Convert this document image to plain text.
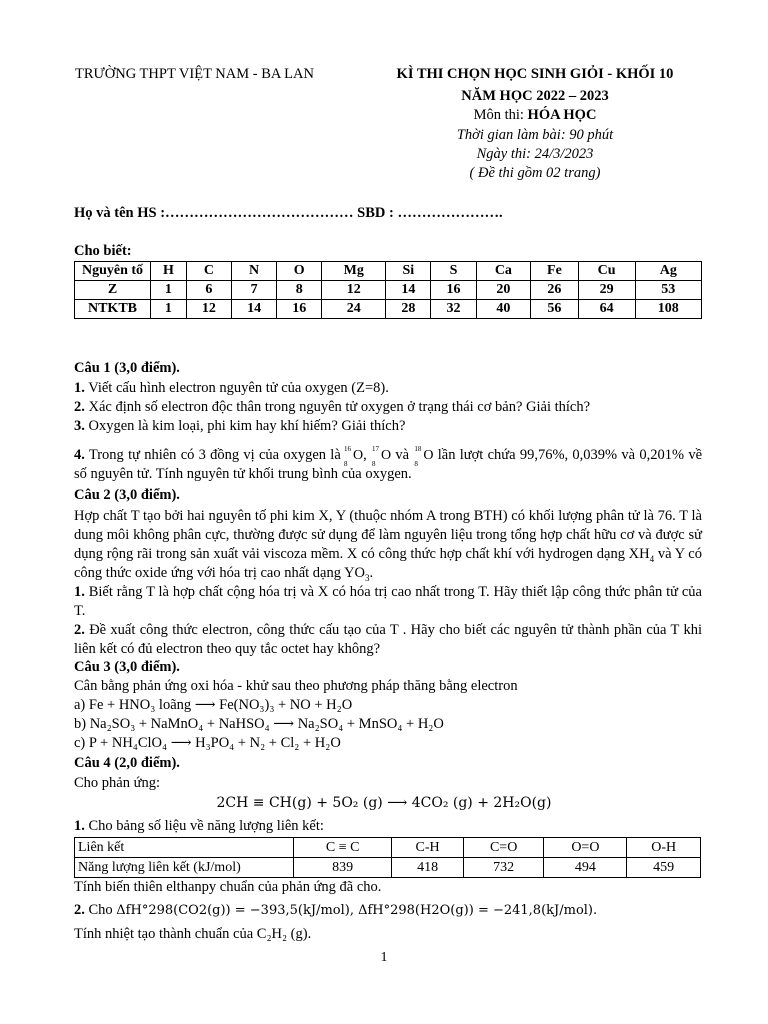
TRƯỜNG THPT VIỆT NAM - BA LAN	KÌ THI CHỌN HỌC SINH GIỎI - KHỐI 10
NĂM HỌC 2022 – 2023
Môn thi: HÓA HỌC
Thời gian làm bài: 90 phút
Ngày thi: 24/3/2023
( Đề thi gồm 02 trang)
Họ và tên HS :………………………………… SBD : ………………….
Cho biết:
Nguyên tố	H	C	N	O	Mg	Si	S	Ca	Fe	Cu	Ag
Z	1	6	7	8	12	14	16	20	26	29	53
NTKTB	1	12	14	16	24	28	32	40	56	64	108
Câu 1 (3,0 điểm).
1. Viết cấu hình electron nguyên tử của oxygen (Z=8).
2. Xác định số electron độc thân trong nguyên tử oxygen ở trạng thái cơ bản? Giải thích?
3. Oxygen là kim loại, phi kim hay khí hiếm? Giải thích?
4. Trong tự nhiên có 3 đồng vị của oxygen là 16
8
O, 17
8
O và 18
8
O lần lượt chứa 99,76%, 0,039% và 0,201% về số nguyên tử. Tính nguyên tử khối trung bình của oxygen.
Câu 2 (3,0 điểm).
Hợp chất T tạo bởi hai nguyên tố phi kim X, Y (thuộc nhóm A trong BTH) có khối lượng phân tử là 76. T là dung môi không phân cực, thường được sử dụng để làm nguyên liệu trong tổng hợp chất hữu cơ và được sử dụng rộng rãi trong sản xuất vải viscoza mềm. X có công thức hợp chất khí với hydrogen dạng $XH_4$ và Y có công thức oxide ứng với hóa trị cao nhất dạng $YO_3$.
1. Biết rằng T là hợp chất cộng hóa trị và X có hóa trị cao nhất trong T. Hãy thiết lập công thức phân tử của T.
2. Đề xuất công thức electron, công thức cấu tạo của T . Hãy cho biết các nguyên tử thành phần của T khi liên kết có đủ electron theo quy tắc octet hay không?
Câu 3 (3,0 điểm).
Cân bằng phản ứng oxi hóa - khử sau theo phương pháp thăng bằng electron
a) Fe + HNO₃ loãng ⟶ Fe(NO₃)₃ + NO + H₂O
b) Na₂SO₃ + NaMnO₄ + NaHSO₄ ⟶ Na₂SO₄ + MnSO₄ + H₂O
c) P + NH₄ClO₄ ⟶ H₃PO₄ + N₂ + Cl₂ + H₂O
Câu 4 (2,0 điểm).
Cho phản ứng:
2CH ≡ CH(g) + 5O₂ (g) ⟶ 4CO₂ (g) + 2H₂O(g)
1. Cho bảng số liệu về năng lượng liên kết:
Liên kết	C ≡ C	C-H	C=O	O=O	O-H
Năng lượng liên kết (kJ/mol)	839	418	732	494	459
Tính biến thiên elthanpy chuẩn của phản ứng đã cho.
2. Cho ΔfH°298(CO2(g)) = −393,5(kJ/mol), ΔfH°298(H2O(g)) = −241,8(kJ/mol).
Tính nhiệt tạo thành chuẩn của C₂H₂ (g).
1
